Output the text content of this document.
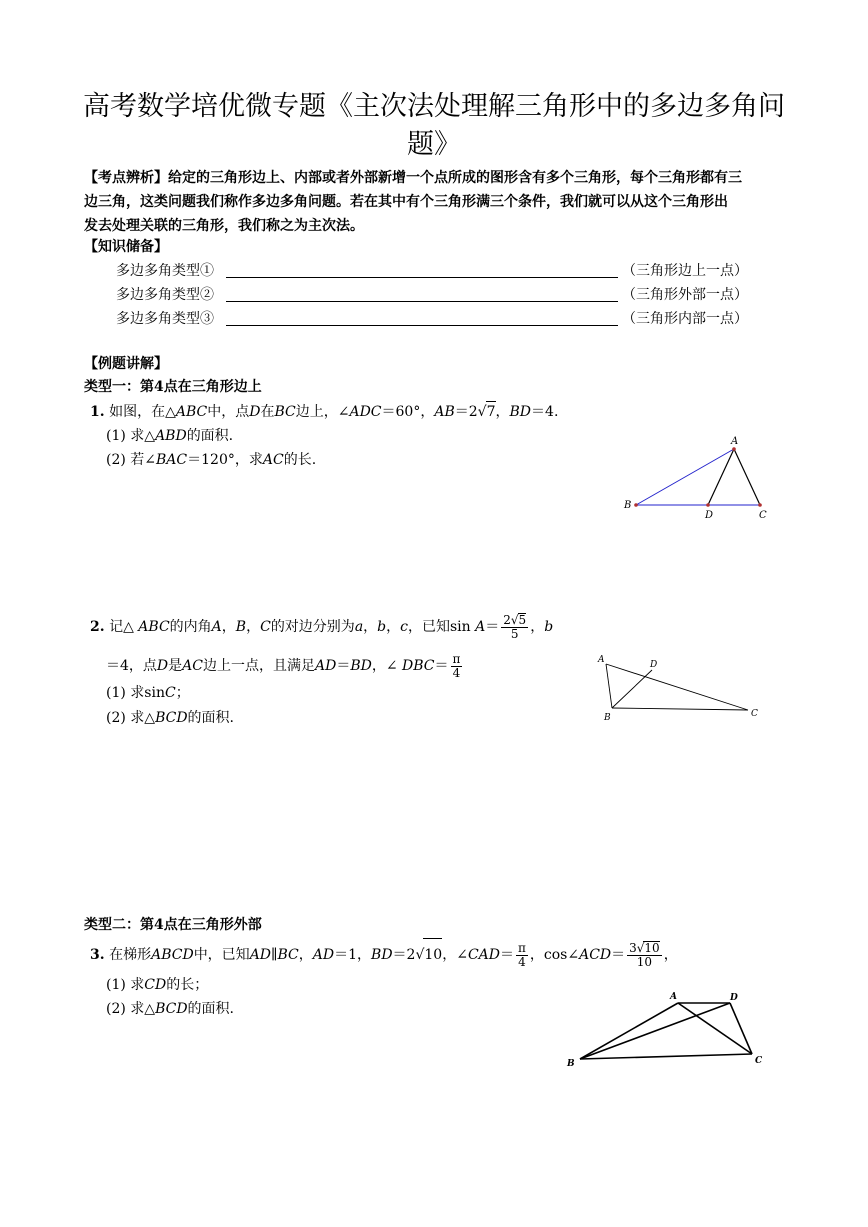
高考数学培优微专题《主次法处理解三角形中的多边多角问
题》
【考点辨析】给定的三角形边上、内部或者外部新增一个点所成的图形含有多个三角形，每个三角形都有三
边三角，这类问题我们称作多边多角问题。若在其中有个三角形满三个条件，我们就可以从这个三角形出
发去处理关联的三角形，我们称之为主次法。
【知识储备】
多边多角类型①	（三角形边上一点）
多边多角类型②	（三角形外部一点）
多边多角类型③	（三角形内部一点）
【例题讲解】
类型一：第4点在三角形边上
1. 如图，在△ABC中，点D在BC边上，∠ADC＝60°，AB＝2√7，BD＝4.
(1) 求△ABD的面积.
(2) 若∠BAC＝120°，求AC的长.
A
B
D	C
2. 记△ ABC的内角A，B，C的对边分别为a，b，c，已知$\sin A= \frac{2√5}{5}$ ，b
＝4，点D是AC边上一点，且满足AD＝BD，∠ $DBC= \frac{\pi}{4}$
(1) 求sinC；
(2) 求△BCD的面积.
A	D
B	C
类型二：第4点在三角形外部
3. 在梯形ABCD中，已知AD∥BC，AD＝1，BD＝2√10，∠CAD＝ $\frac{\pi}{4}$ ，cos∠ACD＝ $\frac{3√10}{10}$ ，
(1) 求CD的长；
(2) 求△BCD的面积.
A	D
B	C
